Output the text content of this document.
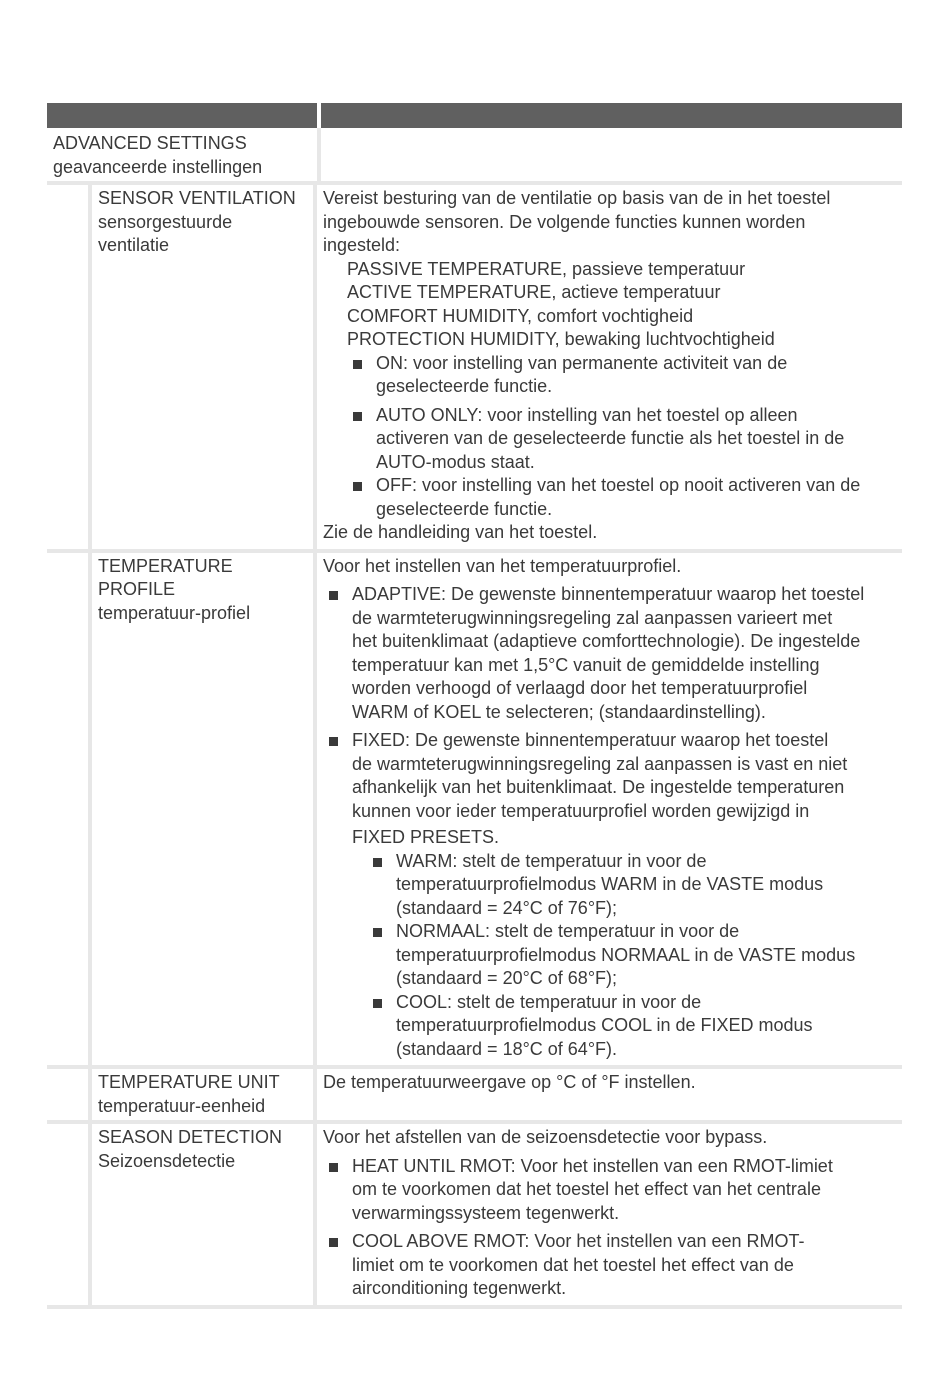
ADVANCED SETTINGS
geavanceerde instellingen
SENSOR VENTILATION
sensorgestuurde
ventilatie
Vereist besturing van de ventilatie op basis van de in het toestel
ingebouwde sensoren. De volgende functies kunnen worden
ingesteld:
PASSIVE TEMPERATURE, passieve temperatuur
ACTIVE TEMPERATURE, actieve temperatuur
COMFORT HUMIDITY, comfort vochtigheid
PROTECTION HUMIDITY, bewaking luchtvochtigheid
ON: voor instelling van permanente activiteit van de
geselecteerde functie.
AUTO ONLY: voor instelling van het toestel op alleen
activeren van de geselecteerde functie als het toestel in de
AUTO-modus staat.
OFF: voor instelling van het toestel op nooit activeren van de
geselecteerde functie.
Zie de handleiding van het toestel.
TEMPERATURE
PROFILE
temperatuur-profiel
Voor het instellen van het temperatuurprofiel.
ADAPTIVE: De gewenste binnentemperatuur waarop het toestel
de warmteterugwinningsregeling zal aanpassen varieert met
het buitenklimaat (adaptieve comforttechnologie). De ingestelde
temperatuur kan met 1,5°C vanuit de gemiddelde instelling
worden verhoogd of verlaagd door het temperatuurprofiel
WARM of KOEL te selecteren; (standaardinstelling).
FIXED: De gewenste binnentemperatuur waarop het toestel
de warmteterugwinningsregeling zal aanpassen is vast en niet
afhankelijk van het buitenklimaat. De ingestelde temperaturen
kunnen voor ieder temperatuurprofiel worden gewijzigd in
FIXED PRESETS.
WARM: stelt de temperatuur in voor de
temperatuurprofielmodus WARM in de VASTE modus
(standaard = 24°C of 76°F);
NORMAAL: stelt de temperatuur in voor de
temperatuurprofielmodus NORMAAL in de VASTE modus
(standaard = 20°C of 68°F);
COOL: stelt de temperatuur in voor de
temperatuurprofielmodus COOL in de FIXED modus
(standaard = 18°C of 64°F).
TEMPERATURE UNIT
temperatuur-eenheid
De temperatuurweergave op °C of °F instellen.
SEASON DETECTION
Seizoensdetectie
Voor het afstellen van de seizoensdetectie voor bypass.
HEAT UNTIL RMOT: Voor het instellen van een RMOT-limiet
om te voorkomen dat het toestel het effect van het centrale
verwarmingssysteem tegenwerkt.
COOL ABOVE RMOT: Voor het instellen van een RMOT-
limiet om te voorkomen dat het toestel het effect van de
airconditioning tegenwerkt.
